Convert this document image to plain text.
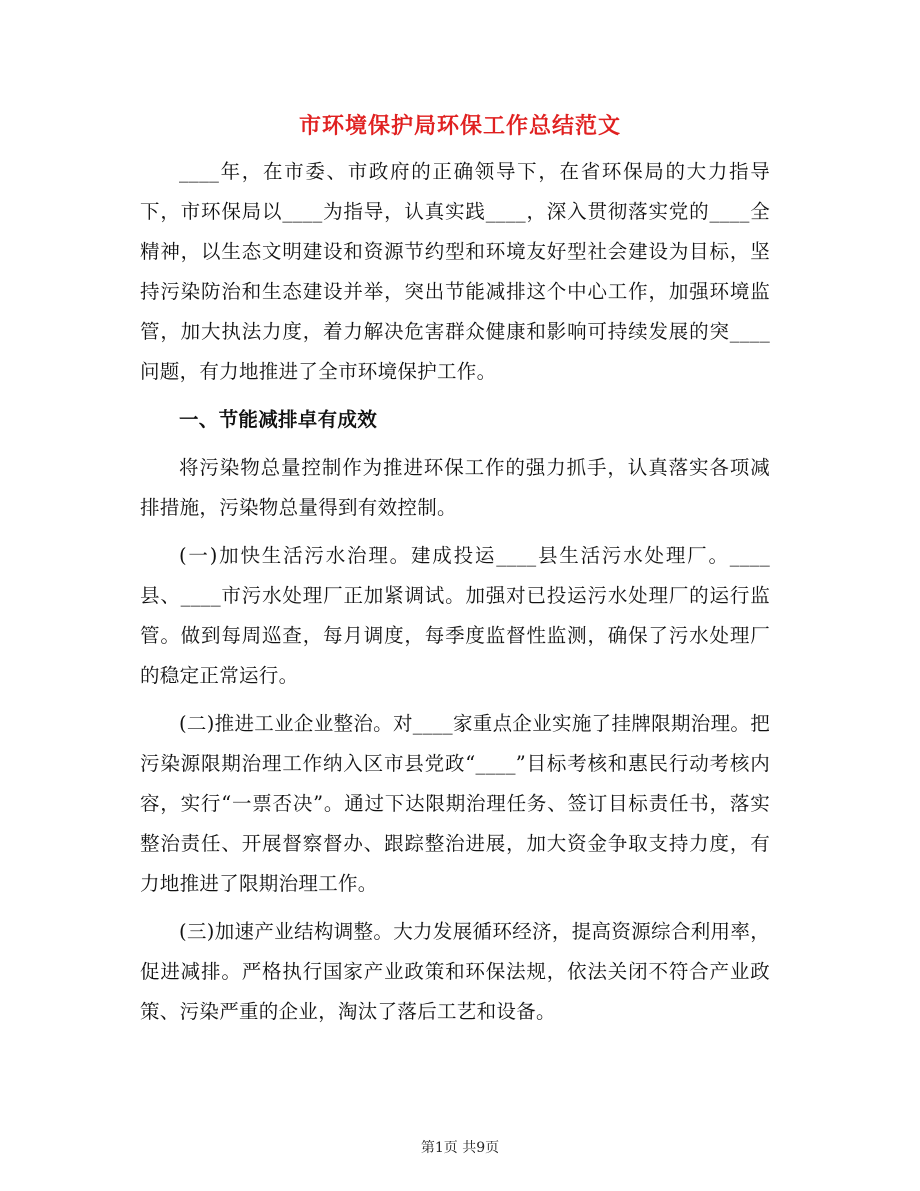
市环境保护局环保工作总结范文

____年，在市委、市政府的正确领导下，在省环保局的大力指导下，市环保局以____为指导，认真实践____，深入贯彻落实党的____全精神，以生态文明建设和资源节约型和环境友好型社会建设为目标，坚持污染防治和生态建设并举，突出节能减排这个中心工作，加强环境监管，加大执法力度，着力解决危害群众健康和影响可持续发展的突____问题，有力地推进了全市环境保护工作。

一、节能减排卓有成效

将污染物总量控制作为推进环保工作的强力抓手，认真落实各项减排措施，污染物总量得到有效控制。

(一)加快生活污水治理。建成投运____县生活污水处理厂。____县、____市污水处理厂正加紧调试。加强对已投运污水处理厂的运行监管。做到每周巡查，每月调度，每季度监督性监测，确保了污水处理厂的稳定正常运行。

(二)推进工业企业整治。对____家重点企业实施了挂牌限期治理。把污染源限期治理工作纳入区市县党政“____”目标考核和惠民行动考核内容，实行“一票否决”。通过下达限期治理任务、签订目标责任书，落实整治责任、开展督察督办、跟踪整治进展，加大资金争取支持力度，有力地推进了限期治理工作。

(三)加速产业结构调整。大力发展循环经济，提高资源综合利用率，促进减排。严格执行国家产业政策和环保法规，依法关闭不符合产业政策、污染严重的企业，淘汰了落后工艺和设备。

第1页 共9页
